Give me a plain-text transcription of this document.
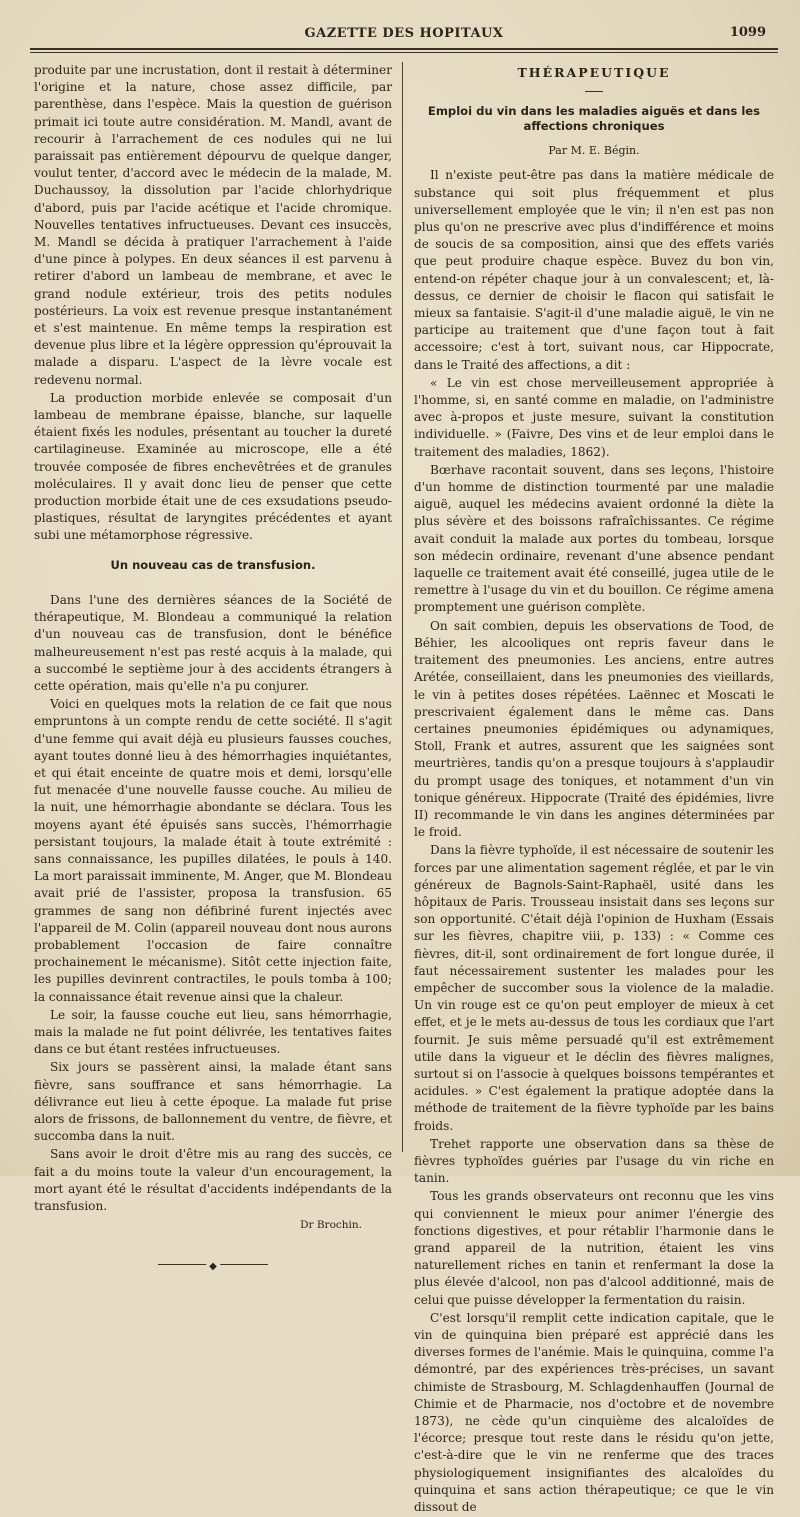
GAZETTE DES HOPITAUX	1099

produite par une incrustation, dont il restait à déterminer l'origine et la nature, chose assez difficile, par parenthèse, dans l'espèce. Mais la question de guérison primait ici toute autre considération. M. Mandl, avant de recourir à l'arrachement de ces nodules qui ne lui paraissait pas entièrement dépourvu de quelque danger, voulut tenter, d'accord avec le médecin de la malade, M. Duchaussoy, la dissolution par l'acide chlorhydrique d'abord, puis par l'acide acétique et l'acide chromique. Nouvelles tentatives infructueuses. Devant ces insuccès, M. Mandl se décida à pratiquer l'arrachement à l'aide d'une pince à polypes. En deux séances il est parvenu à retirer d'abord un lambeau de membrane, et avec le grand nodule extérieur, trois des petits nodules postérieurs. La voix est revenue presque instantanément et s'est maintenue. En même temps la respiration est devenue plus libre et la légère oppression qu'éprouvait la malade a disparu. L'aspect de la lèvre vocale est redevenu normal.

La production morbide enlevée se composait d'un lambeau de membrane épaisse, blanche, sur laquelle étaient fixés les nodules, présentant au toucher la dureté cartilagineuse. Examinée au microscope, elle a été trouvée composée de fibres enchevêtrées et de granules moléculaires. Il y avait donc lieu de penser que cette production morbide était une de ces exsudations pseudo-plastiques, résultat de laryngites précédentes et ayant subi une métamorphose régressive.

Un nouveau cas de transfusion.

Dans l'une des dernières séances de la Société de thérapeutique, M. Blondeau a communiqué la relation d'un nouveau cas de transfusion, dont le bénéfice malheureusement n'est pas resté acquis à la malade, qui a succombé le septième jour à des accidents étrangers à cette opération, mais qu'elle n'a pu conjurer.

Voici en quelques mots la relation de ce fait que nous empruntons à un compte rendu de cette société. Il s'agit d'une femme qui avait déjà eu plusieurs fausses couches, ayant toutes donné lieu à des hémorrhagies inquiétantes, et qui était enceinte de quatre mois et demi, lorsqu'elle fut menacée d'une nouvelle fausse couche. Au milieu de la nuit, une hémorrhagie abondante se déclara. Tous les moyens ayant été épuisés sans succès, l'hémorrhagie persistant toujours, la malade était à toute extrémité : sans connaissance, les pupilles dilatées, le pouls à 140. La mort paraissait imminente, M. Anger, que M. Blondeau avait prié de l'assister, proposa la transfusion. 65 grammes de sang non défibriné furent injectés avec l'appareil de M. Colin (appareil nouveau dont nous aurons probablement l'occasion de faire connaître prochainement le mécanisme). Sitôt cette injection faite, les pupilles devinrent contractiles, le pouls tomba à 100; la connaissance était revenue ainsi que la chaleur.

Le soir, la fausse couche eut lieu, sans hémorrhagie, mais la malade ne fut point délivrée, les tentatives faites dans ce but étant restées infructueuses.

Six jours se passèrent ainsi, la malade étant sans fièvre, sans souffrance et sans hémorrhagie. La délivrance eut lieu à cette époque. La malade fut prise alors de frissons, de ballonnement du ventre, de fièvre, et succomba dans la nuit.

Sans avoir le droit d'être mis au rang des succès, ce fait a du moins toute la valeur d'un encouragement, la mort ayant été le résultat d'accidents indépendants de la transfusion.

Dr Brochin.
◆
THÉRAPEUTIQUE
Emploi du vin dans les maladies aiguës et dans les affections chroniques
Par M. E. Bégin.

Il n'existe peut-être pas dans la matière médicale de substance qui soit plus fréquemment et plus universellement employée que le vin; il n'en est pas non plus qu'on ne prescrive avec plus d'indifférence et moins de soucis de sa composition, ainsi que des effets variés que peut produire chaque espèce. Buvez du bon vin, entend-on répéter chaque jour à un convalescent; et, là-dessus, ce dernier de choisir le flacon qui satisfait le mieux sa fantaisie. S'agit-il d'une maladie aiguë, le vin ne participe au traitement que d'une façon tout à fait accessoire; c'est à tort, suivant nous, car Hippocrate, dans le Traité des affections, a dit :

« Le vin est chose merveilleusement appropriée à l'homme, si, en santé comme en maladie, on l'administre avec à-propos et juste mesure, suivant la constitution individuelle. » (Faivre, Des vins et de leur emploi dans le traitement des maladies, 1862).

Bœrhave racontait souvent, dans ses leçons, l'histoire d'un homme de distinction tourmenté par une maladie aiguë, auquel les médecins avaient ordonné la diète la plus sévère et des boissons rafraîchissantes. Ce régime avait conduit la malade aux portes du tombeau, lorsque son médecin ordinaire, revenant d'une absence pendant laquelle ce traitement avait été conseillé, jugea utile de le remettre à l'usage du vin et du bouillon. Ce régime amena promptement une guérison complète.

On sait combien, depuis les observations de Tood, de Béhier, les alcooliques ont repris faveur dans le traitement des pneumonies. Les anciens, entre autres Arétée, conseillaient, dans les pneumonies des vieillards, le vin à petites doses répétées. Laënnec et Moscati le prescrivaient également dans le même cas. Dans certaines pneumonies épidémiques ou adynamiques, Stoll, Frank et autres, assurent que les saignées sont meurtrières, tandis qu'on a presque toujours à s'applaudir du prompt usage des toniques, et notamment d'un vin tonique généreux. Hippocrate (Traité des épidémies, livre II) recommande le vin dans les angines déterminées par le froid.

Dans la fièvre typhoïde, il est nécessaire de soutenir les forces par une alimentation sagement réglée, et par le vin généreux de Bagnols-Saint-Raphaël, usité dans les hôpitaux de Paris. Trousseau insistait dans ses leçons sur son opportunité. C'était déjà l'opinion de Huxham (Essais sur les fièvres, chapitre viii, p. 133) : « Comme ces fièvres, dit-il, sont ordinairement de fort longue durée, il faut nécessairement sustenter les malades pour les empêcher de succomber sous la violence de la maladie. Un vin rouge est ce qu'on peut employer de mieux à cet effet, et je le mets au-dessus de tous les cordiaux que l'art fournit. Je suis même persuadé qu'il est extrêmement utile dans la vigueur et le déclin des fièvres malignes, surtout si on l'associe à quelques boissons tempérantes et acidules. » C'est également la pratique adoptée dans la méthode de traitement de la fièvre typhoïde par les bains froids.

Trehet rapporte une observation dans sa thèse de fièvres typhoïdes guéries par l'usage du vin riche en tanin.

Tous les grands observateurs ont reconnu que les vins qui conviennent le mieux pour animer l'énergie des fonctions digestives, et pour rétablir l'harmonie dans le grand appareil de la nutrition, étaient les vins naturellement riches en tanin et renfermant la dose la plus élevée d'alcool, non pas d'alcool additionné, mais de celui que puisse développer la fermentation du raisin.

C'est lorsqu'il remplit cette indication capitale, que le vin de quinquina bien préparé est apprécié dans les diverses formes de l'anémie. Mais le quinquina, comme l'a démontré, par des expériences très-précises, un savant chimiste de Strasbourg, M. Schlagdenhauffen (Journal de Chimie et de Pharmacie, nos d'octobre et de novembre 1873), ne cède qu'un cinquième des alcaloïdes de l'écorce; presque tout reste dans le résidu qu'on jette, c'est-à-dire que le vin ne renferme que des traces physiologiquement insignifiantes des alcaloïdes du quinquina et sans action thérapeutique; ce que le vin dissout de
